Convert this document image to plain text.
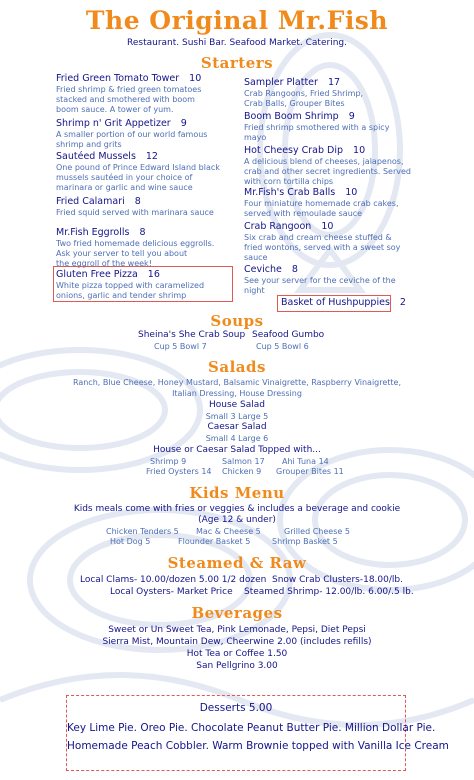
The Original Mr.Fish
Restaurant. Sushi Bar. Seafood Market. Catering.
Starters
Fried Green Tomato Tower 10
Fried shrimp & fried green tomatoes
stacked and smothered with boom
boom sauce. A tower of yum.
Shrimp n' Grit Appetizer 9
A smaller portion of our world famous
shrimp and grits
Sautéed Mussels 12
One pound of Prince Edward Island black
mussels sautéed in your choice of
marinara or garlic and wine sauce
Fried Calamari 8
Fried squid served with marinara sauce
Mr.Fish Eggrolls 8
Two fried homemade delicious eggrolls.
Ask your server to tell you about
the eggroll of the week!
Gluten Free Pizza 16
White pizza topped with caramelized
onions, garlic and tender shrimp
Sampler Platter 17
Crab Rangoons, Fried Shrimp,
Crab Balls, Grouper Bites
Boom Boom Shrimp 9
Fried shrimp smothered with a spicy
mayo
Hot Cheesy Crab Dip 10
A delicious blend of cheeses, jalapenos,
crab and other secret ingredients. Served
with corn tortilla chips
Mr.Fish's Crab Balls 10
Four miniature homemade crab cakes,
served with remoulade sauce
Crab Rangoon 10
Six crab and cream cheese stuffed &
fried wontons, served with a sweet soy
sauce
Ceviche 8
See your server for the ceviche of the
night
Basket of Hushpuppies 2
Soups
Sheina's She Crab Soup
Cup 5 Bowl 7
Seafood Gumbo
Cup 5 Bowl 6
Salads
Ranch, Blue Cheese, Honey Mustard, Balsamic Vinaigrette, Raspberry Vinaigrette,
Italian Dressing, House Dressing
House Salad
Small 3 Large 5
Caesar Salad
Small 4 Large 6
House or Caesar Salad Topped with...
Shrimp 9	Salmon 17 Ahi Tuna 14
Fried Oysters 14 Chicken 9 Grouper Bites 11
Kids Menu
Kids meals come with fries or veggies & includes a beverage and cookie
(Age 12 & under)
Chicken Tenders 5 Mac & Cheese 5	Grilled Cheese 5
Hot Dog 5	Flounder Basket 5	Shrimp Basket 5
Steamed & Raw
Local Clams- 10.00/dozen 5.00 1/2 dozen Snow Crab Clusters-18.00/lb.
Local Oysters- Market Price Steamed Shrimp- 12.00/lb. 6.00/.5 lb.
Beverages
Sweet or Un Sweet Tea, Pink Lemonade, Pepsi, Diet Pepsi
Sierra Mist, Mountain Dew, Cheerwine 2.00 (includes refills)
Hot Tea or Coffee 1.50
San Pellgrino 3.00
Desserts 5.00
Key Lime Pie. Oreo Pie. Chocolate Peanut Butter Pie. Million Dollar Pie.
Homemade Peach Cobbler. Warm Brownie topped with Vanilla Ice Cream
